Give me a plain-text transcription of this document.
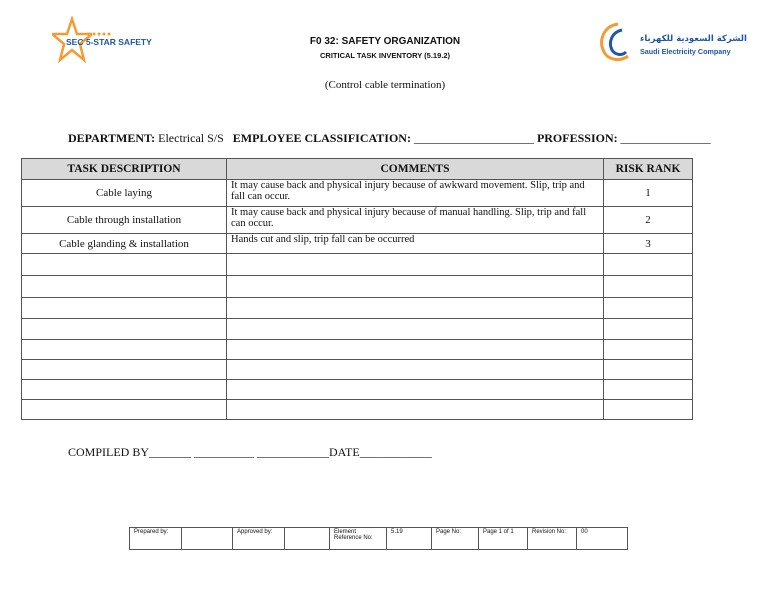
SEC 5-STAR SAFETY	الشركة السعودية للكهرباء
Saudi Electricity Company
F0 32: SAFETY ORGANIZATION
CRITICAL TASK INVENTORY (5.19.2)
(Control cable termination)
DEPARTMENT: Electrical S/S EMPLOYEE CLASSIFICATION: ____________________ PROFESSION: _______________
TASK DESCRIPTION	COMMENTS	RISK RANK
Cable laying	It may cause back and physical injury because of awkward movement. Slip, trip and fall can occur.	1
Cable through installation	It may cause back and physical injury because of manual handling. Slip, trip and fall can occur.	2
Cable glanding & installation	Hands cut and slip, trip fall can be occurred	3

COMPILED BY_______ __________ ____________DATE____________
Prepared by:		Approved by:		Element Reference No:	5.19	Page No:	Page 1 of 1	Revision No:	00
